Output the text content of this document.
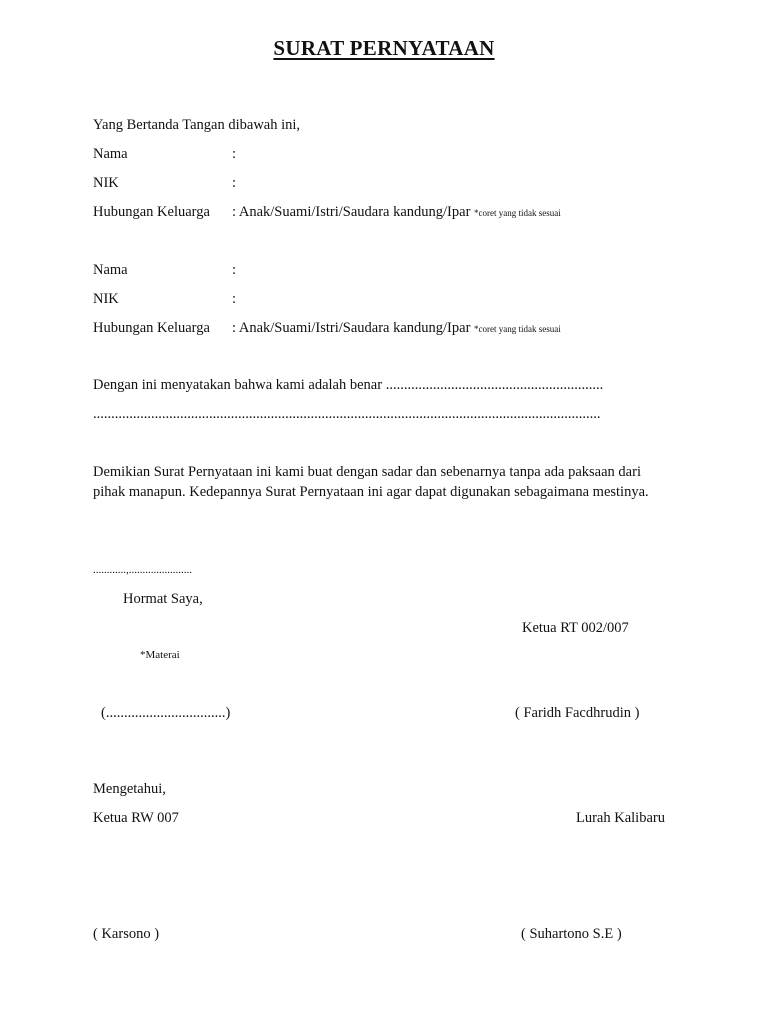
SURAT PERNYATAAN
Yang Bertanda Tangan dibawah ini,
Nama	:
NIK	:
Hubungan Keluarga : Anak/Suami/Istri/Saudara kandung/Ipar *coret yang tidak sesuai
Nama	:
NIK	:
Hubungan Keluarga : Anak/Suami/Istri/Saudara kandung/Ipar *coret yang tidak sesuai
Dengan ini menyatakan bahwa kami adalah benar ............................................................
............................................................................................................................................
Demikian Surat Pernyataan ini kami buat dengan sadar dan sebenarnya tanpa ada paksaan dari pihak manapun. Kedepannya Surat Pernyataan ini agar dapat digunakan sebagaimana mestinya.
............,.......................
Hormat Saya,
Ketua RT 002/007
*Materai
(.................................)	( Faridh Facdhrudin )
Mengetahui,
Ketua RW 007	Lurah Kalibaru
( Karsono )	( Suhartono S.E )
